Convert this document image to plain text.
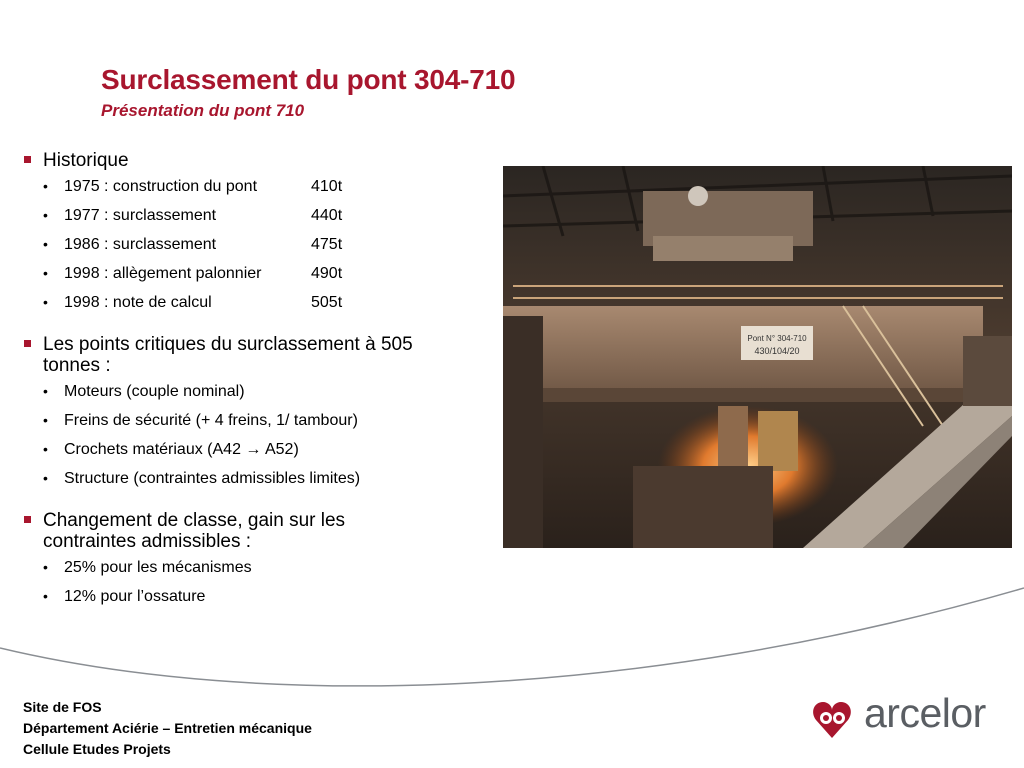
Surclassement du pont 304-710
Présentation du pont 710
Historique
• 1975 : construction du pont	410t
• 1977 : surclassement	440t
• 1986 : surclassement	475t
• 1998 : allègement palonnier	490t
• 1998 : note de calcul	505t
Les points critiques du surclassement à 505
tonnes :
• Moteurs (couple nominal)
• Freins de sécurité (+ 4 freins, 1/ tambour)
• Crochets matériaux (A42 → A52)
• Structure (contraintes admissibles limites)
Changement de classe, gain sur les
contraintes admissibles :
• 25% pour les mécanismes
• 12% pour l’ossature
Pont N° 304-710
430/104/20
Site de FOS
Département Aciérie – Entretien mécanique
Cellule Etudes Projets
arcelor
